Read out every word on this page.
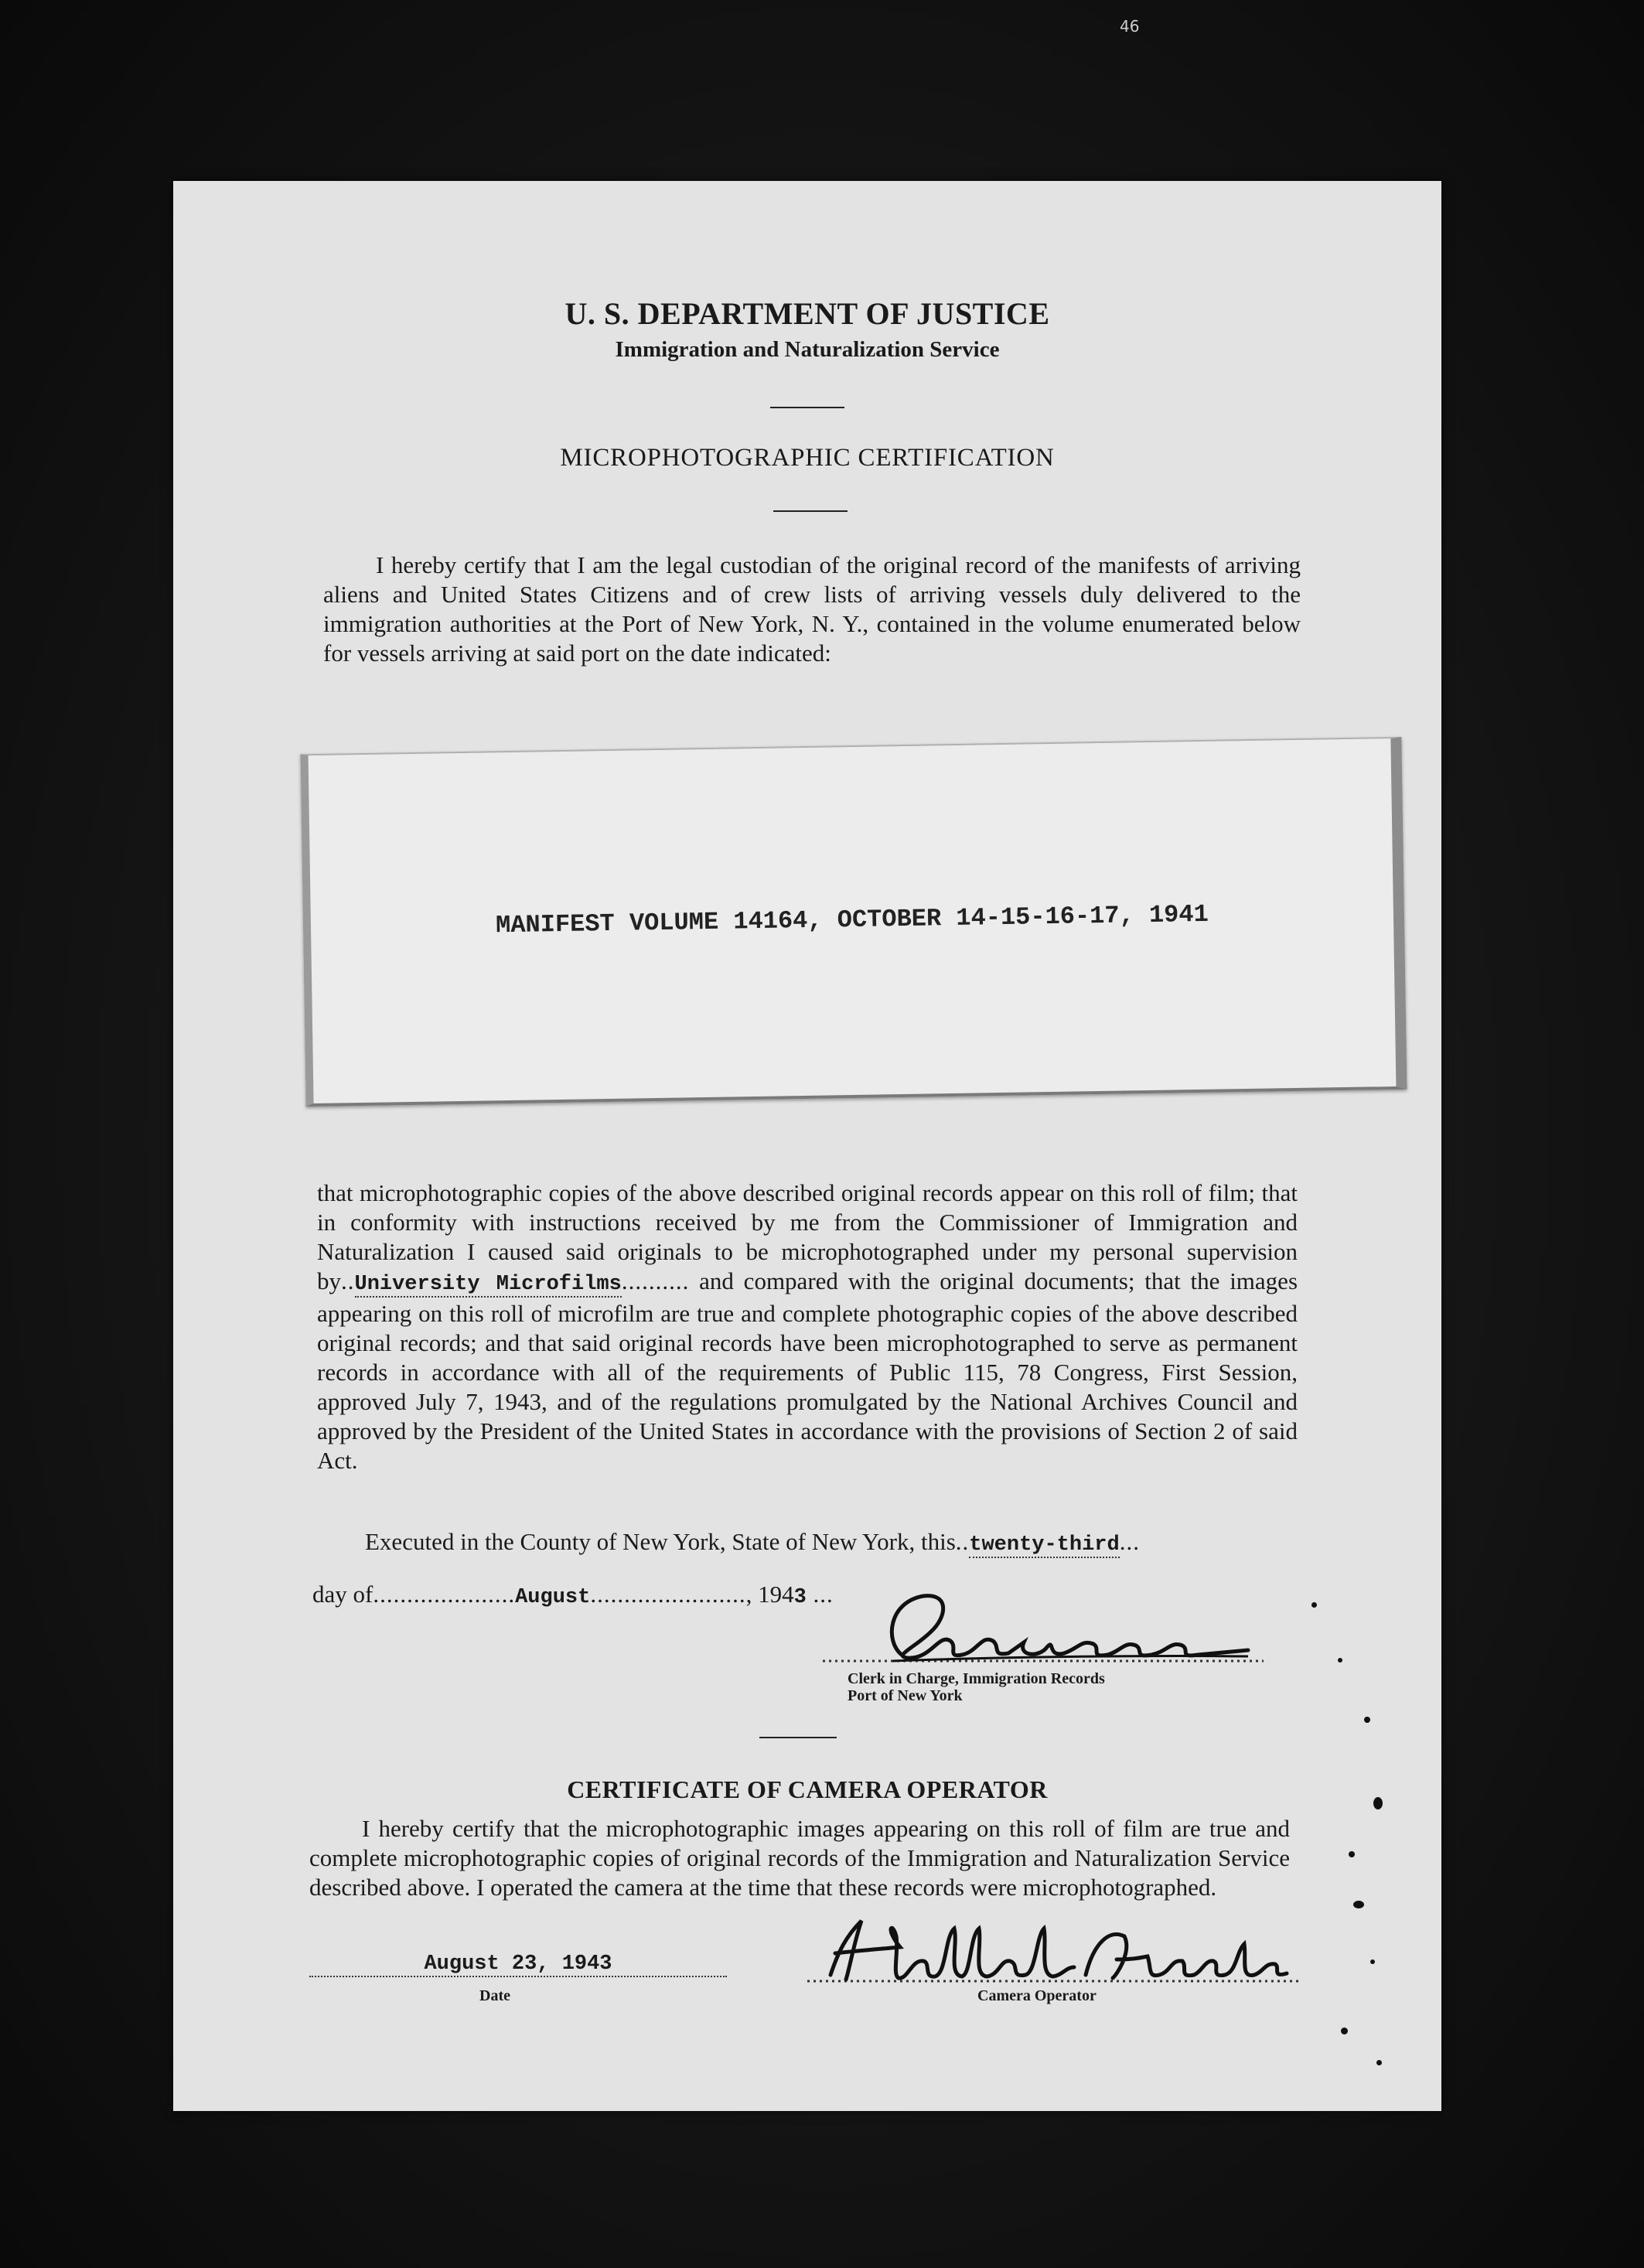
46
U. S. DEPARTMENT OF JUSTICE
Immigration and Naturalization Service
MICROPHOTOGRAPHIC CERTIFICATION

I hereby certify that I am the legal custodian of the original record of the manifests of arriving aliens and United States Citizens and of crew lists of arriving vessels duly delivered to the immigration authorities at the Port of New York, N. Y., contained in the volume enumerated below for vessels arriving at said port on the date indicated:

MANIFEST VOLUME 14164, OCTOBER 14-15-16-17, 1941

that microphotographic copies of the above described original records appear on this roll of film; that in conformity with instructions received by me from the Commissioner of Immigration and Naturalization I caused said originals to be microphotographed under my personal supervision by..University Microfilms.......... and compared with the original documents; that the images appearing on this roll of microfilm are true and complete photographic copies of the above described original records; and that said original records have been microphotographed to serve as permanent records in accordance with all of the requirements of Public 115, 78 Congress, First Session, approved July 7, 1943, and of the regulations promulgated by the National Archives Council and approved by the President of the United States in accordance with the provisions of Section 2 of said Act.

Executed in the County of New York, State of New York, this..twenty-third...
day of.....................August......................., 1943 ...
Clerk in Charge, Immigration Records
Port of New York
CERTIFICATE OF CAMERA OPERATOR

I hereby certify that the microphotographic images appearing on this roll of film are true and complete microphotographic copies of original records of the Immigration and Naturalization Service described above. I operated the camera at the time that these records were microphotographed.

August 23, 1943
Date	Camera Operator
